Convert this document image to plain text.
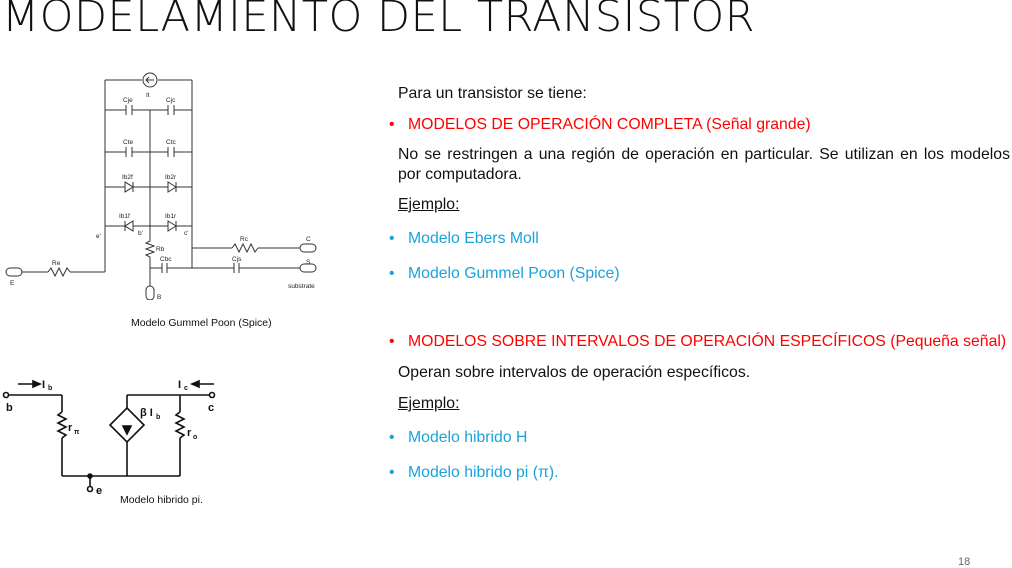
MODELAMIENTO DEL TRANSISTOR
It
Cje	Cjc
Cte	Ctc
Ib2f	Ib2r
Ib1f	Ib1r
e'	b'	c'
Rb
Cbc
Rc
Cjs
Re
C
S
substrate
E
B
Modelo Gummel Poon (Spice)
I b	I c
b	c
r π	r o
β I b
e
Modelo hibrido pi.
Para un transistor se tiene:
• MODELOS DE OPERACIÓN COMPLETA (Señal grande)
No se restringen a una región de operación en particular. Se utilizan en los modelos por computadora.
Ejemplo:
• Modelo Ebers Moll
• Modelo Gummel Poon (Spice)
• MODELOS SOBRE INTERVALOS DE OPERACIÓN ESPECÍFICOS (Pequeña señal)
Operan sobre intervalos de operación específicos.
Ejemplo:
• Modelo hibrido H
• Modelo hibrido pi (π).
18
